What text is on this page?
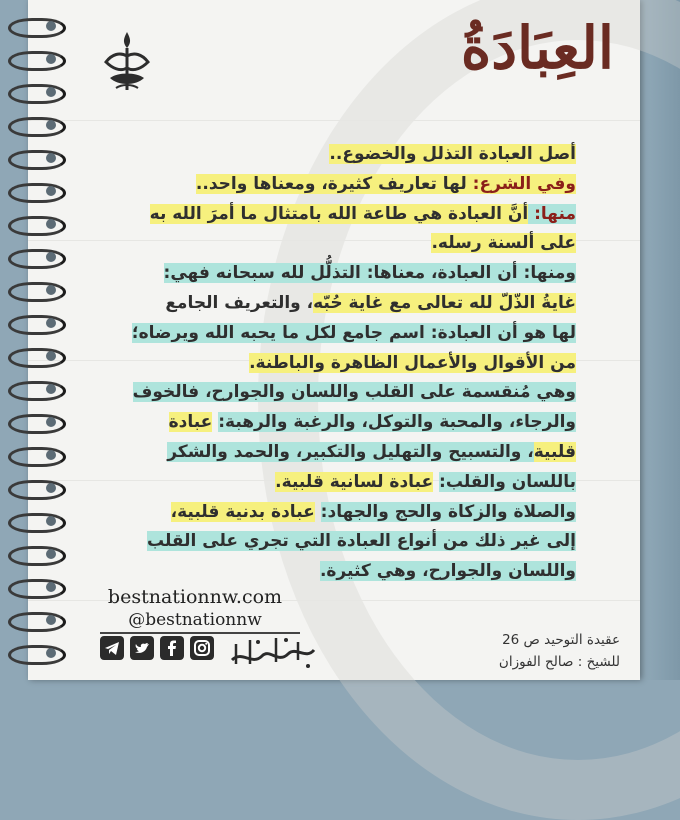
العِبَادَةُ
أصل العبادة التذلل والخضوع..
وفي الشرع: لها تعاريف كثيرة، ومعناها واحد..
منها: أنَّ العبادة هي طاعة الله بامتثال ما أمرَ الله به
على ألسنة رسله.
ومنها: أن العبادة، معناها: التذلُّل لله سبحانه فهي:
غايةُ الذّلّ لله تعالى مع غاية حُبّه، والتعريف الجامع
لها هو أن العبادة: اسم جامع لكل ما يحبه الله ويرضاه؛
من الأقوال والأعمال الظاهرة والباطنة.
وهي مُنقسمة على القلب واللسان والجوارح، فالخوف
والرجاء، والمحبة والتوكل، والرغبة والرهبة: عبادة
قلبية، والتسبيح والتهليل والتكبير، والحمد والشكر
باللسان والقلب: عبادة لسانية قلبية.
والصلاة والزكاة والحج والجهاد: عبادة بدنية قلبية،
إلى غير ذلك من أنواع العبادة التي تجري على القلب
واللسان والجوارح، وهي كثيرة.
bestnationnw.com
@bestnationnw
عقيدة التوحيد ص 26
للشيخ : صالح الفوزان
